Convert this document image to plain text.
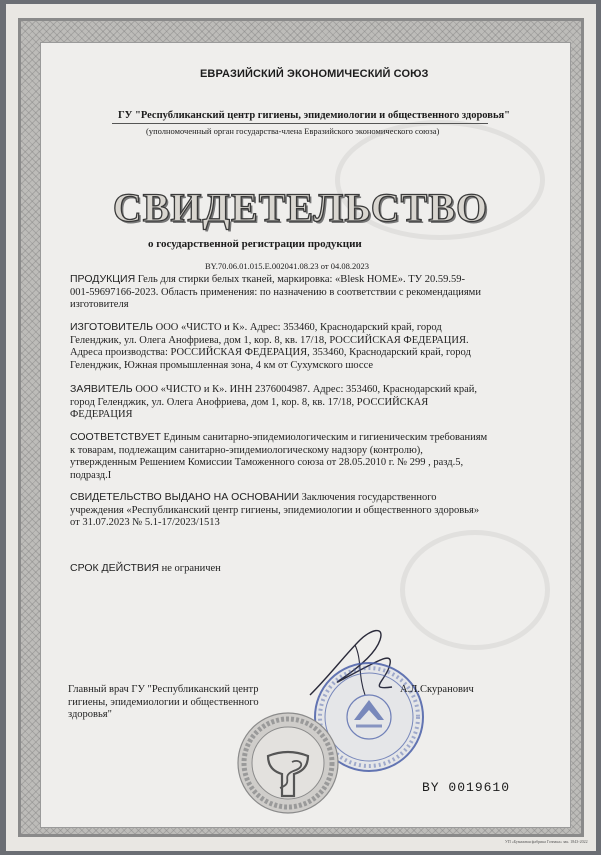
ЕВРАЗИЙСКИЙ ЭКОНОМИЧЕСКИЙ СОЮЗ
ГУ "Республиканский центр гигиены, эпидемиологии и общественного здоровья"
(уполномоченный орган государства-члена Евразийского экономического союза)
СВИДЕТЕЛЬСТВО
о государственной регистрации продукции
BY.70.06.01.015.E.002041.08.23 от 04.08.2023
ПРОДУКЦИЯ Гель для стирки белых тканей, маркировка: «Blesk HOME». ТУ 20.59.59-
001-59697166-2023. Область применения: по назначению в соответствии с рекомендациями
изготовителя
ИЗГОТОВИТЕЛЬ ООО «ЧИСТО и К». Адрес: 353460, Краснодарский край, город
Геленджик, ул. Олега Анофриева, дом 1, кор. 8, кв. 17/18, РОССИЙСКАЯ ФЕДЕРАЦИЯ.
Адреса производства: РОССИЙСКАЯ ФЕДЕРАЦИЯ, 353460, Краснодарский край, город
Геленджик, Южная промышленная зона, 4 км от Сухумского шоссе
ЗАЯВИТЕЛЬ ООО «ЧИСТО и К». ИНН 2376004987. Адрес: 353460, Краснодарский край,
город Геленджик, ул. Олега Анофриева, дом 1, кор. 8, кв. 17/18, РОССИЙСКАЯ
ФЕДЕРАЦИЯ
СООТВЕТСТВУЕТ Единым санитарно-эпидемиологическим и гигиеническим требованиям
к товарам, подлежащим санитарно-эпидемиологическому надзору (контролю),
утвержденным Решением Комиссии Таможенного союза от 28.05.2010 г. № 299 , разд.5,
подразд.I
СВИДЕТЕЛЬСТВО ВЫДАНО НА ОСНОВАНИИ Заключения государственного
учреждения «Республиканский центр гигиены, эпидемиологии и общественного здоровья»
от 31.07.2023 № 5.1-17/2023/1513
СРОК ДЕЙСТВИЯ не ограничен
Главный врач ГУ "Республиканский центр
гигиены, эпидемиологии и общественного
здоровья"
А.Л.Скуранович
BY 0019610
УП «Бумажная фабрика Гознака» зак. 1843-2022
